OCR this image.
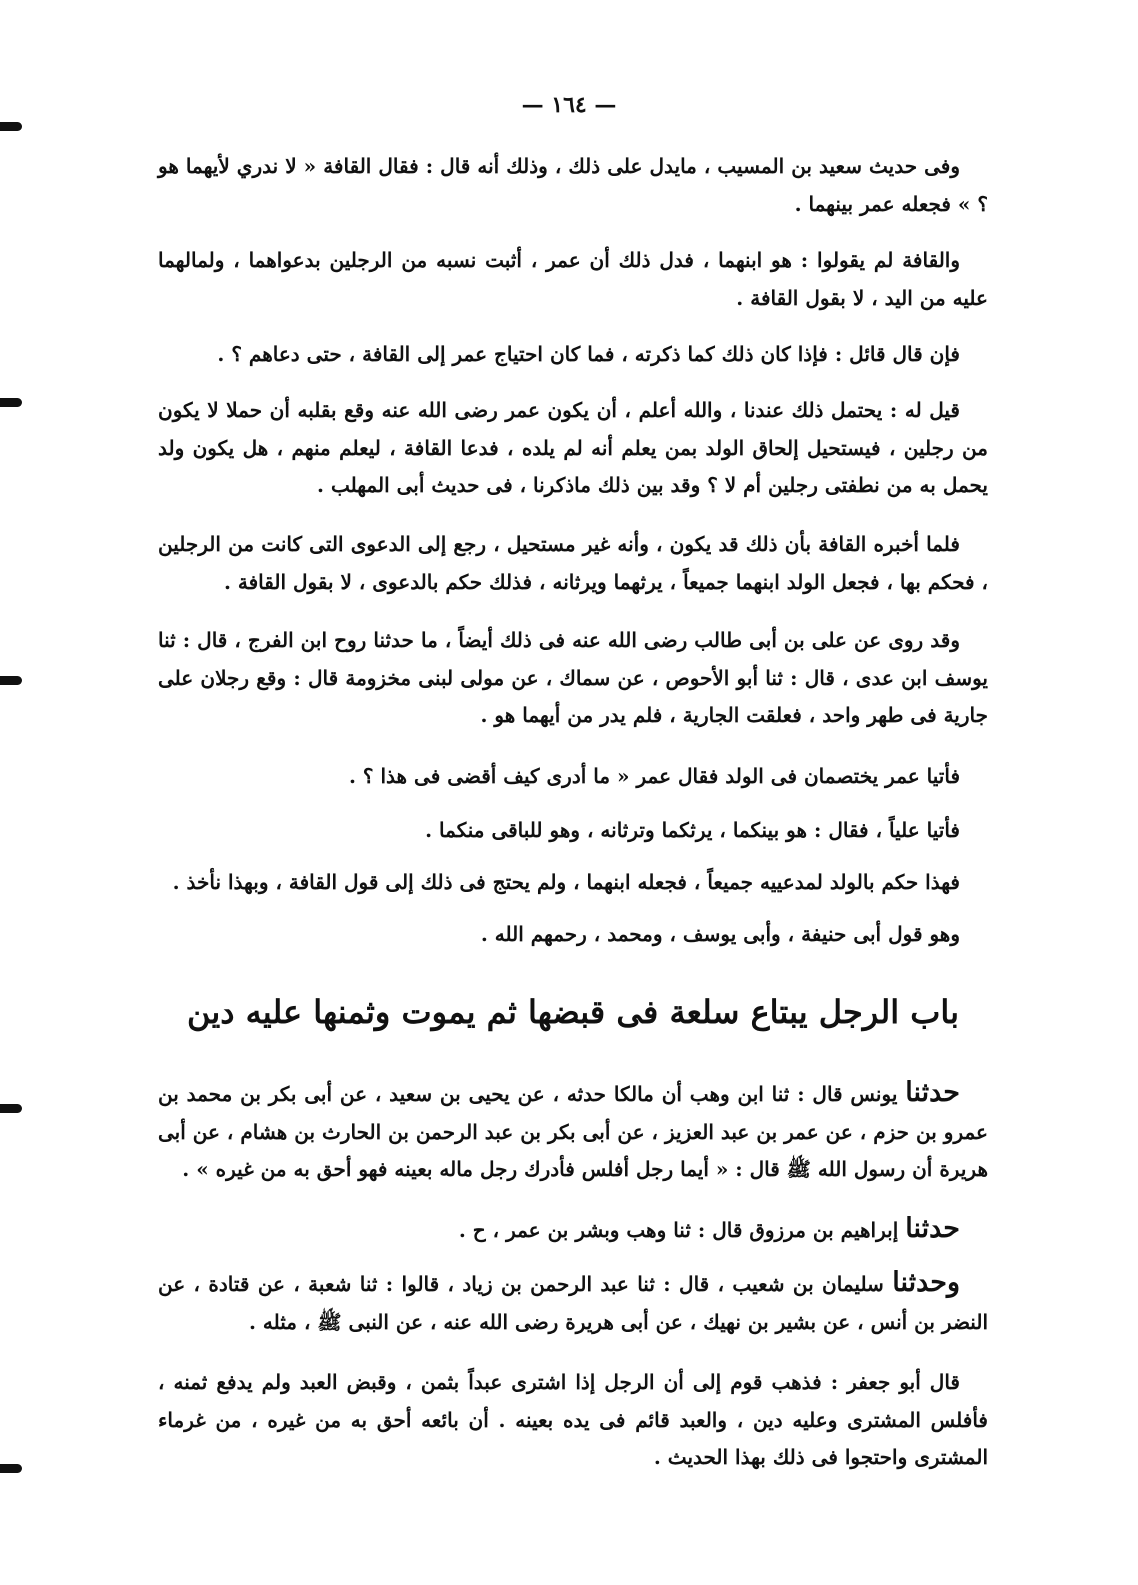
— ١٦٤ —

وفى حديث سعيد بن المسيب ، مايدل على ذلك ، وذلك أنه قال : فقال القافة « لا ندري لأيهما هو ؟ » فجعله عمر بينهما .

والقافة لم يقولوا : هو ابنهما ، فدل ذلك أن عمر ، أثبت نسبه من الرجلين بدعواهما ، ولمالهما عليه من اليد ، لا بقول القافة .

فإن قال قائل : فإذا كان ذلك كما ذكرته ، فما كان احتياج عمر إلى القافة ، حتى دعاهم ؟ .

قيل له : يحتمل ذلك عندنا ، والله أعلم ، أن يكون عمر رضى الله عنه وقع بقلبه أن حملا لا يكون من رجلين ، فيستحيل إلحاق الولد بمن يعلم أنه لم يلده ، فدعا القافة ، ليعلم منهم ، هل يكون ولد يحمل به من نطفتى رجلين أم لا ؟ وقد بين ذلك ماذكرنا ، فى حديث أبى المهلب .

فلما أخبره القافة بأن ذلك قد يكون ، وأنه غير مستحيل ، رجع إلى الدعوى التى كانت من الرجلين ، فحكم بها ، فجعل الولد ابنهما جميعاً ، يرثهما ويرثانه ، فذلك حكم بالدعوى ، لا بقول القافة .

وقد روى عن على بن أبى طالب رضى الله عنه فى ذلك أيضاً ، ما حدثنا روح ابن الفرج ، قال : ثنا يوسف ابن عدى ، قال : ثنا أبو الأحوص ، عن سماك ، عن مولى لبنى مخزومة قال : وقع رجلان على جارية فى طهر واحد ، فعلقت الجارية ، فلم يدر من أيهما هو .

فأتيا عمر يختصمان فى الولد فقال عمر « ما أدرى كيف أقضى فى هذا ؟ .

فأتيا علياً ، فقال : هو بينكما ، يرثكما وترثانه ، وهو للباقى منكما .

فهذا حكم بالولد لمدعييه جميعاً ، فجعله ابنهما ، ولم يحتج فى ذلك إلى قول القافة ، وبهذا نأخذ .

وهو قول أبى حنيفة ، وأبى يوسف ، ومحمد ، رحمهم الله .

باب الرجل يبتاع سلعة فى قبضها ثم يموت وثمنها عليه دين

حدثنا يونس قال : ثنا ابن وهب أن مالكا حدثه ، عن يحيى بن سعيد ، عن أبى بكر بن محمد بن عمرو بن حزم ، عن عمر بن عبد العزيز ، عن أبى بكر بن عبد الرحمن بن الحارث بن هشام ، عن أبى هريرة أن رسول الله ﷺ قال : « أيما رجل أفلس فأدرك رجل ماله بعينه فهو أحق به من غيره » .

حدثنا إبراهيم بن مرزوق قال : ثنا وهب وبشر بن عمر ، ح .

وحدثنا سليمان بن شعيب ، قال : ثنا عبد الرحمن بن زياد ، قالوا : ثنا شعبة ، عن قتادة ، عن النضر بن أنس ، عن بشير بن نهيك ، عن أبى هريرة رضى الله عنه ، عن النبى ﷺ ، مثله .

قال أبو جعفر : فذهب قوم إلى أن الرجل إذا اشترى عبداً بثمن ، وقبض العبد ولم يدفع ثمنه ، فأفلس المشترى وعليه دين ، والعبد قائم فى يده بعينه . أن بائعه أحق به من غيره ، من غرماء المشترى واحتجوا فى ذلك بهذا الحديث .
